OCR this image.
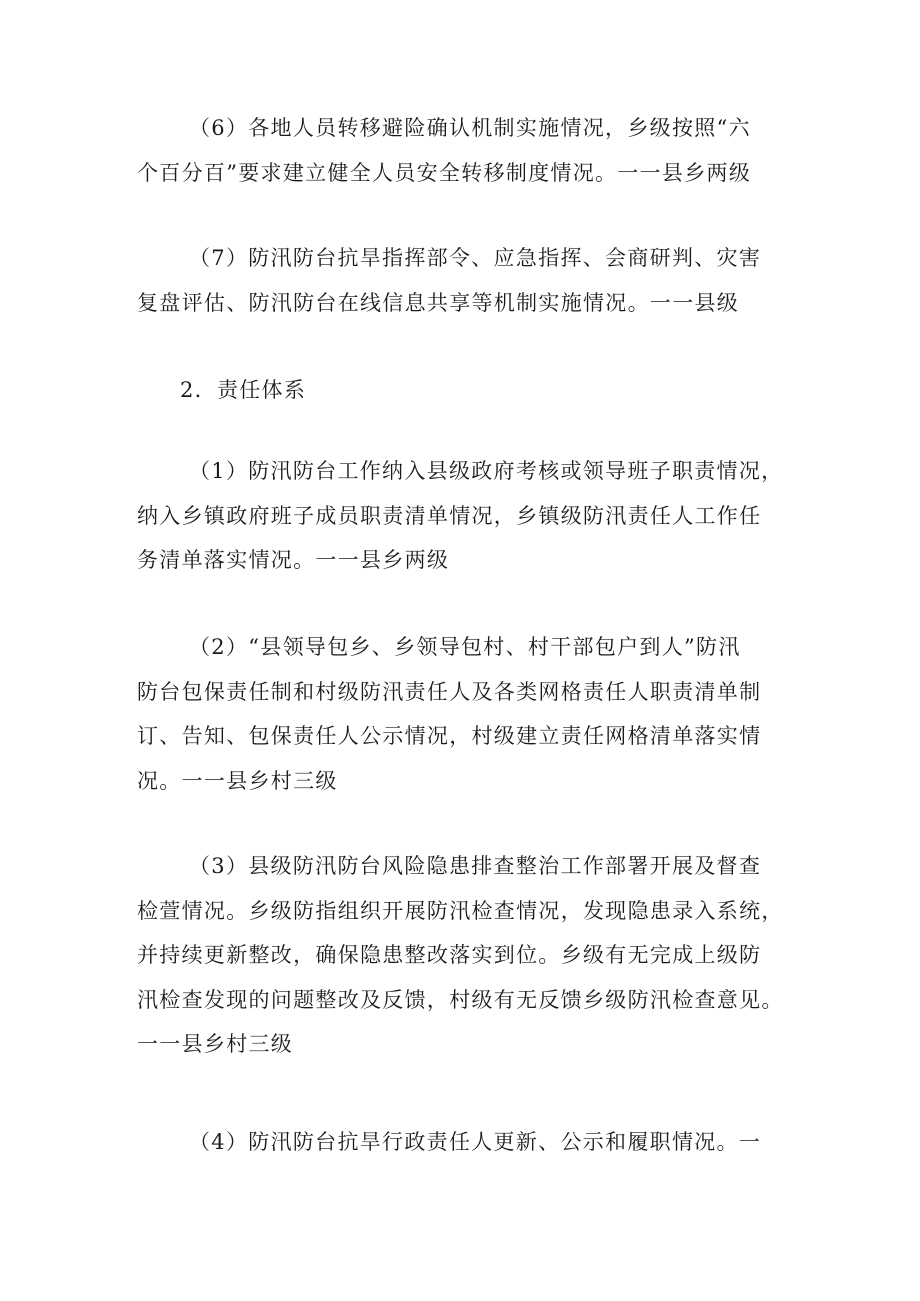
（6）各地人员转移避险确认机制实施情况，乡级按照“六
个百分百”要求建立健全人员安全转移制度情况。一一县乡两级

（7）防汛防台抗旱指挥部令、应急指挥、会商研判、灾害
复盘评估、防汛防台在线信息共享等机制实施情况。一一县级

2．责任体系

（1）防汛防台工作纳入县级政府考核或领导班子职责情况，
纳入乡镇政府班子成员职责清单情况，乡镇级防汛责任人工作任
务清单落实情况。一一县乡两级

（2）“县领导包乡、乡领导包村、村干部包户到人”防汛
防台包保责任制和村级防汛责任人及各类网格责任人职责清单制
订、告知、包保责任人公示情况，村级建立责任网格清单落实情
况。一一县乡村三级

（3）县级防汛防台风险隐患排查整治工作部署开展及督查
检萱情况。乡级防指组织开展防汛检查情况，发现隐患录入系统，
并持续更新整改，确保隐患整改落实到位。乡级有无完成上级防
汛检查发现的问题整改及反馈，村级有无反馈乡级防汛检查意见。
一一县乡村三级

（4）防汛防台抗旱行政责任人更新、公示和履职情况。一
